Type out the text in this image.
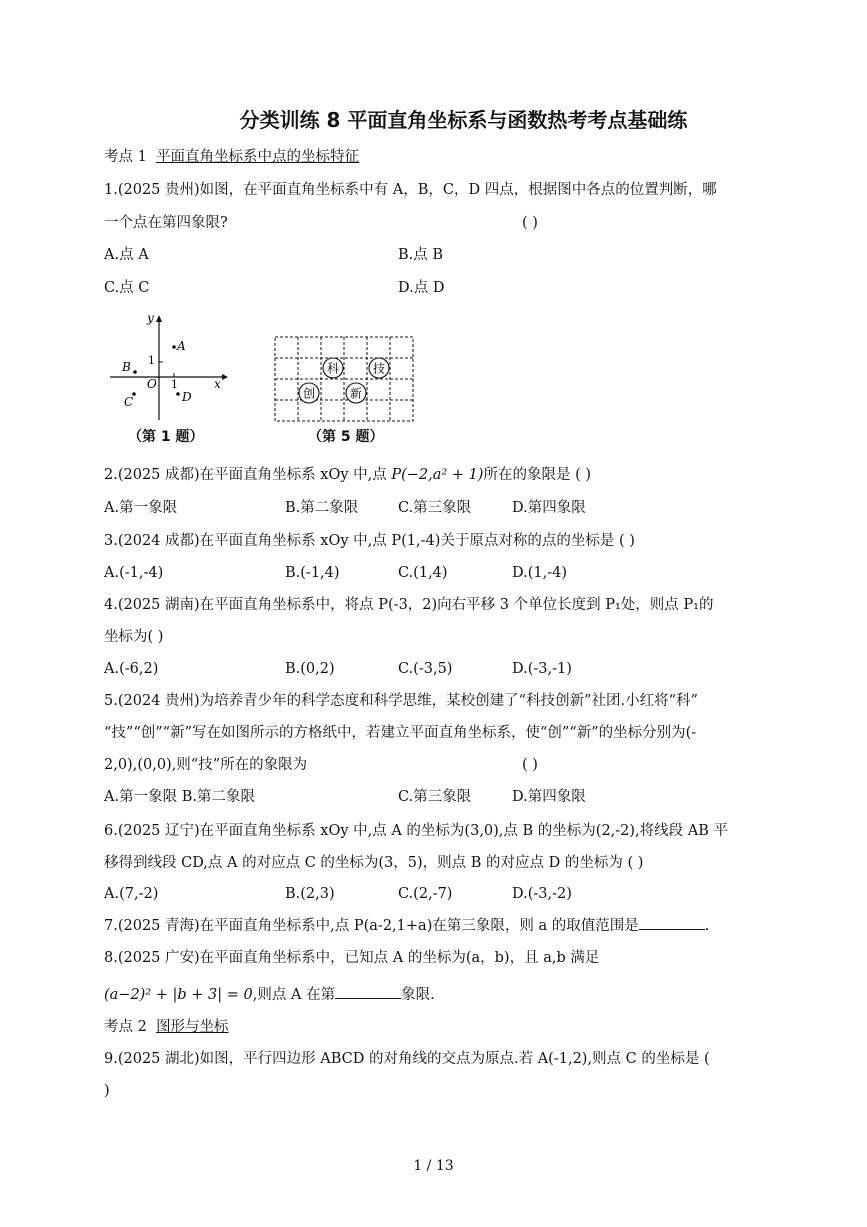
分类训练 8 平面直角坐标系与函数热考考点基础练
考点 1 平面直角坐标系中点的坐标特征
1.(2025 贵州)如图，在平面直角坐标系中有 A，B，C，D 四点，根据图中各点的位置判断，哪
一个点在第四象限?	( )
A.点 A	B.点 B
C.点 C	D.点 D
y
x
O
1
1
A
B
C	D
（第 1 题）
科	技
创	新
（第 5 题）
2.(2025 成都)在平面直角坐标系 xOy 中,点 P(−2,a² + 1)所在的象限是 ( )
A.第一象限	B.第二象限	C.第三象限	D.第四象限
3.(2024 成都)在平面直角坐标系 xOy 中,点 P(1,-4)关于原点对称的点的坐标是 ( )
A.(-1,-4)	B.(-1,4)	C.(1,4)	D.(1,-4)
4.(2025 湖南)在平面直角坐标系中，将点 P(-3，2)向右平移 3 个单位长度到 P₁处，则点 P₁的
坐标为( )
A.(-6,2)	B.(0,2)	C.(-3,5)	D.(-3,-1)
5.(2024 贵州)为培养青少年的科学态度和科学思维，某校创建了“科技创新”社团.小红将“科”
“技”“创”“新”写在如图所示的方格纸中，若建立平面直角坐标系，使“创”“新”的坐标分别为(-
2,0),(0,0),则“技”所在的象限为	( )
A.第一象限 B.第二象限	C.第三象限	D.第四象限
6.(2025 辽宁)在平面直角坐标系 xOy 中,点 A 的坐标为(3,0),点 B 的坐标为(2,-2),将线段 AB 平
移得到线段 CD,点 A 的对应点 C 的坐标为(3，5)，则点 B 的对应点 D 的坐标为 ( )
A.(7,-2)	B.(2,3)	C.(2,-7)	D.(-3,-2)
7.(2025 青海)在平面直角坐标系中,点 P(a-2,1+a)在第三象限，则 a 的取值范围是	.
8.(2025 广安)在平面直角坐标系中，已知点 A 的坐标为(a，b)，且 a,b 满足
(a−2)² + |b + 3| = 0,则点 A 在第	象限.
考点 2 图形与坐标
9.(2025 湖北)如图，平行四边形 ABCD 的对角线的交点为原点.若 A(-1,2),则点 C 的坐标是 (
)
1 / 13
